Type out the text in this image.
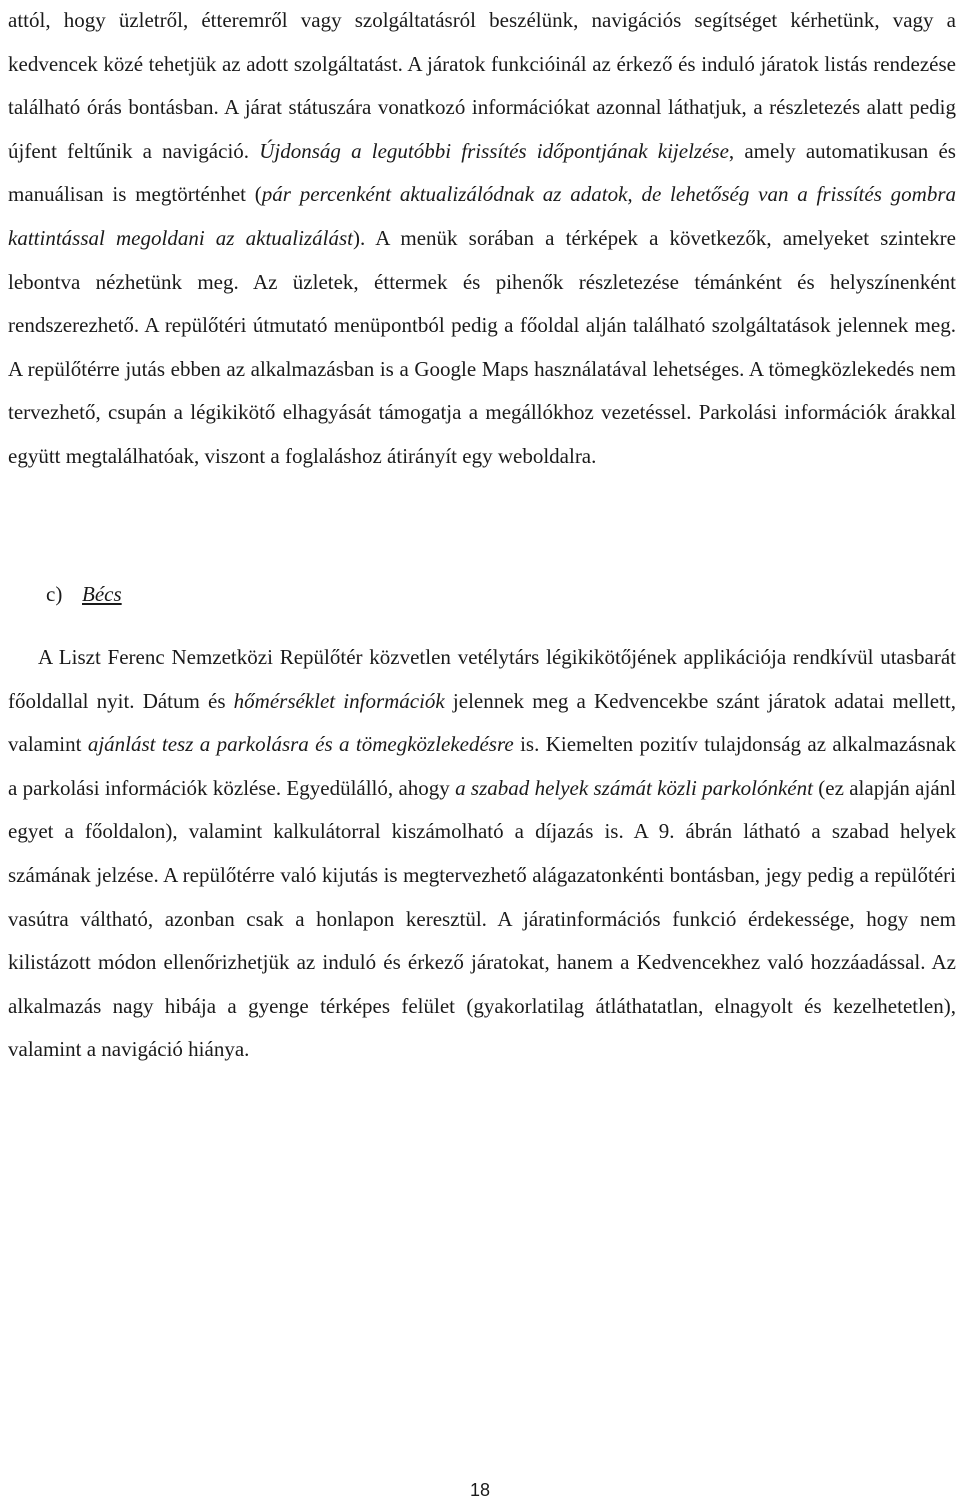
attól, hogy üzletről, étteremről vagy szolgáltatásról beszélünk, navigációs segítséget kérhetünk, vagy a kedvencek közé tehetjük az adott szolgáltatást. A járatok funkcióinál az érkező és induló járatok listás rendezése található órás bontásban. A járat státuszára vonatkozó információkat azonnal láthatjuk, a részletezés alatt pedig újfent feltűnik a navigáció. Újdonság a legutóbbi frissítés időpontjának kijelzése, amely automatikusan és manuálisan is megtörténhet (pár percenként aktualizálódnak az adatok, de lehetőség van a frissítés gombra kattintással megoldani az aktualizálást). A menük sorában a térképek a következők, amelyeket szintekre lebontva nézhetünk meg. Az üzletek, éttermek és pihenők részletezése témánként és helyszínenként rendszerezhető. A repülőtéri útmutató menüpontból pedig a főoldal alján található szolgáltatások jelennek meg. A repülőtérre jutás ebben az alkalmazásban is a Google Maps használatával lehetséges. A tömegközlekedés nem tervezhető, csupán a légikikötő elhagyását támogatja a megállókhoz vezetéssel. Parkolási információk árakkal együtt megtalálhatóak, viszont a foglaláshoz átirányít egy weboldalra.

c) Bécs

A Liszt Ferenc Nemzetközi Repülőtér közvetlen vetélytárs légikikötőjének applikációja rendkívül utasbarát főoldallal nyit. Dátum és hőmérséklet információk jelennek meg a Kedvencekbe szánt járatok adatai mellett, valamint ajánlást tesz a parkolásra és a tömegközlekedésre is. Kiemelten pozitív tulajdonság az alkalmazásnak a parkolási információk közlése. Egyedülálló, ahogy a szabad helyek számát közli parkolónként (ez alapján ajánl egyet a főoldalon), valamint kalkulátorral kiszámolható a díjazás is. A 9. ábrán látható a szabad helyek számának jelzése. A repülőtérre való kijutás is megtervezhető alágazatonkénti bontásban, jegy pedig a repülőtéri vasútra váltható, azonban csak a honlapon keresztül. A járatinformációs funkció érdekessége, hogy nem kilistázott módon ellenőrizhetjük az induló és érkező járatokat, hanem a Kedvencekhez való hozzáadással. Az alkalmazás nagy hibája a gyenge térképes felület (gyakorlatilag átláthatatlan, elnagyolt és kezelhetetlen), valamint a navigáció hiánya.

18
